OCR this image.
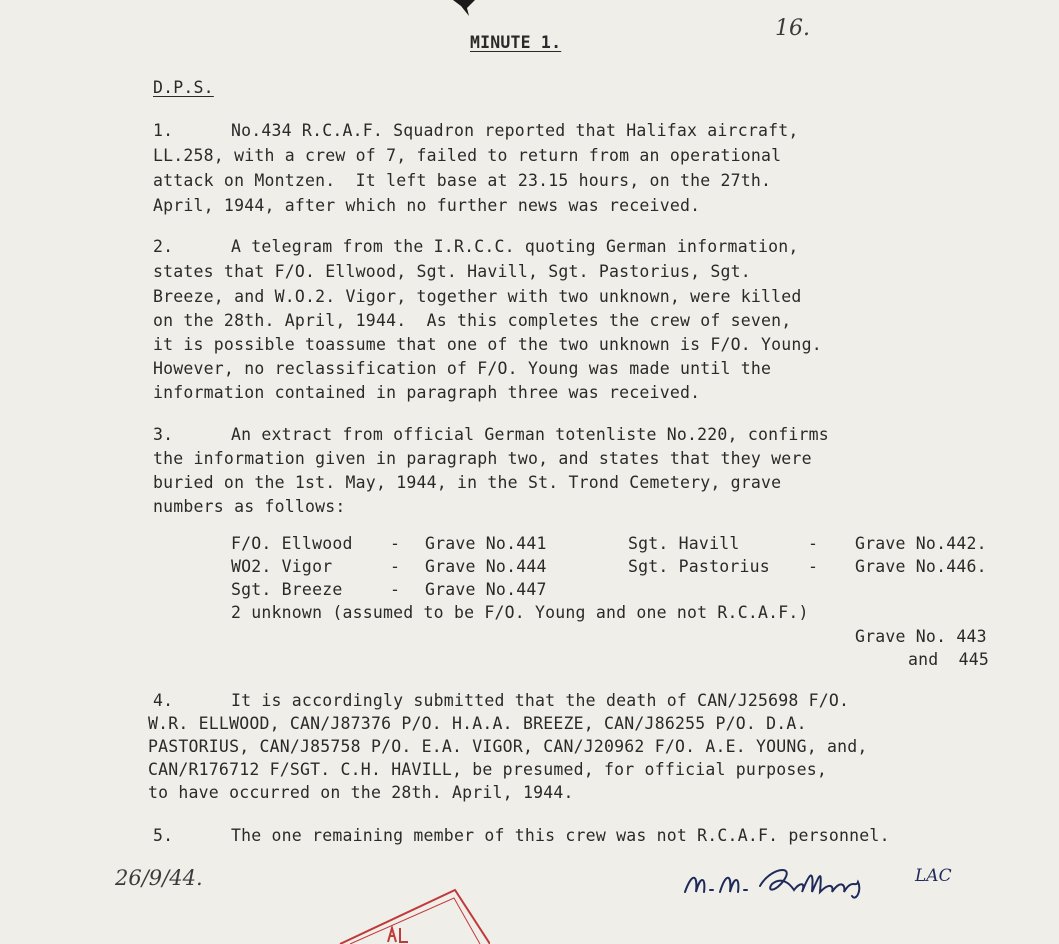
16.
MINUTE 1.
D.P.S.
1.	No.434 R.C.A.F. Squadron reported that Halifax aircraft,
LL.258, with a crew of 7, failed to return from an operational
attack on Montzen.  It left base at 23.15 hours, on the 27th.
April, 1944, after which no further news was received.
2.	A telegram from the I.R.C.C. quoting German information,
states that F/O. Ellwood, Sgt. Havill, Sgt. Pastorius, Sgt.
Breeze, and W.O.2. Vigor, together with two unknown, were killed
on the 28th. April, 1944.  As this completes the crew of seven,
it is possible toassume that one of the two unknown is F/O. Young.
However, no reclassification of F/O. Young was made until the
information contained in paragraph three was received.
3.	An extract from official German totenliste No.220, confirms
the information given in paragraph two, and states that they were
buried on the 1st. May, 1944, in the St. Trond Cemetery, grave
numbers as follows:
F/O. Ellwood - Grave No.441	Sgt. Havill	- Grave No.442.
WO2. Vigor	- Grave No.444	Sgt. Pastorius - Grave No.446.
Sgt. Breeze	- Grave No.447
2 unknown (assumed to be F/O. Young and one not R.C.A.F.)
Grave No. 443
and  445
4.	It is accordingly submitted that the death of CAN/J25698 F/O.
W.R. ELLWOOD, CAN/J87376 P/O. H.A.A. BREEZE, CAN/J86255 P/O. D.A.
PASTORIUS, CAN/J85758 P/O. E.A. VIGOR, CAN/J20962 F/O. A.E. YOUNG, and,
CAN/R176712 F/SGT. C.H. HAVILL, be presumed, for official purposes,
to have occurred on the 28th. April, 1944.
5.	The one remaining member of this crew was not R.C.A.F. personnel.
26/9/44.	LAC
